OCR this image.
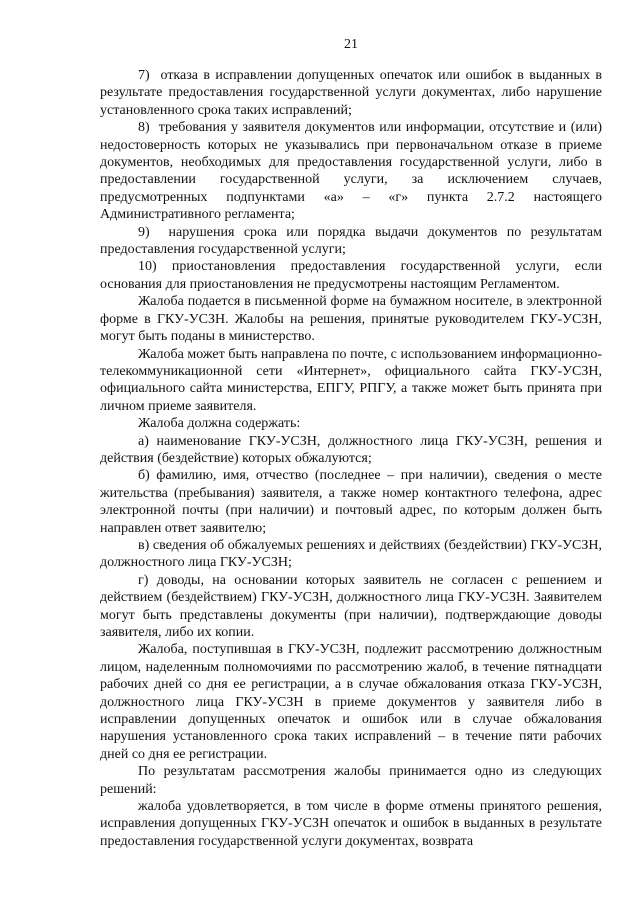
21

7)  отказа в исправлении допущенных опечаток или ошибок в выданных в результате предоставления государственной услуги документах, либо нарушение установленного срока таких исправлений;

8)  требования у заявителя документов или информации, отсутствие и (или) недостоверность которых не указывались при первоначальном отказе в приеме документов, необходимых для предоставления государственной услуги, либо в предоставлении государственной услуги, за исключением случаев, предусмотренных подпунктами «а» – «г» пункта 2.7.2 настоящего Административного регламента;

9)  нарушения срока или порядка выдачи документов по результатам предоставления государственной услуги;

10) приостановления предоставления государственной услуги, если основания для приостановления не предусмотрены настоящим Регламентом.

Жалоба подается в письменной форме на бумажном носителе, в электронной форме в ГКУ-УСЗН. Жалобы на решения, принятые руководителем ГКУ-УСЗН, могут быть поданы в министерство.

Жалоба может быть направлена по почте, с использованием информационно-телекоммуникационной сети «Интернет», официального сайта ГКУ-УСЗН, официального сайта министерства, ЕПГУ, РПГУ, а также может быть принята при личном приеме заявителя.

Жалоба должна содержать:

а) наименование ГКУ-УСЗН, должностного лица ГКУ-УСЗН, решения и действия (бездействие) которых обжалуются;

б) фамилию, имя, отчество (последнее – при наличии), сведения о месте жительства (пребывания) заявителя, а также номер контактного телефона, адрес электронной почты (при наличии) и почтовый адрес, по которым должен быть направлен ответ заявителю;

в) сведения об обжалуемых решениях и действиях (бездействии) ГКУ-УСЗН, должностного лица ГКУ-УСЗН;

г) доводы, на основании которых заявитель не согласен с решением и действием (бездействием) ГКУ-УСЗН, должностного лица ГКУ-УСЗН. Заявителем могут быть представлены документы (при наличии), подтверждающие доводы заявителя, либо их копии.

Жалоба, поступившая в ГКУ-УСЗН, подлежит рассмотрению должностным лицом, наделенным полномочиями по рассмотрению жалоб, в течение пятнадцати рабочих дней со дня ее регистрации, а в случае обжалования отказа ГКУ-УСЗН, должностного лица ГКУ-УСЗН в приеме документов у заявителя либо в исправлении допущенных опечаток и ошибок или в случае обжалования нарушения установленного срока таких исправлений – в течение пяти рабочих дней со дня ее регистрации.

По результатам рассмотрения жалобы принимается одно из следующих решений:

жалоба удовлетворяется, в том числе в форме отмены принятого решения, исправления допущенных ГКУ-УСЗН опечаток и ошибок в выданных в результате предоставления государственной услуги документах, возврата
